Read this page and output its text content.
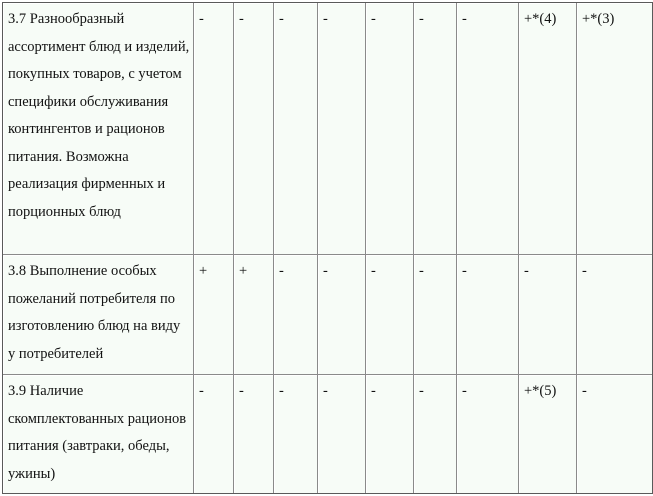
3.7 Разнообразный ассортимент блюд и изделий, покупных товаров, с учетом специфики обслуживания контингентов и рационов питания. Возможна реализация фирменных и порционных блюд	-	-	-	-	-	-	-	+*(4)	+*(3)
3.8 Выполнение особых пожеланий потребителя по изготовлению блюд на виду у потребителей	+	+	-	-	-	-	-	-	-
3.9 Наличие скомплектованных рационов питания (завтраки, обеды, ужины)	-	-	-	-	-	-	-	+*(5)	-
